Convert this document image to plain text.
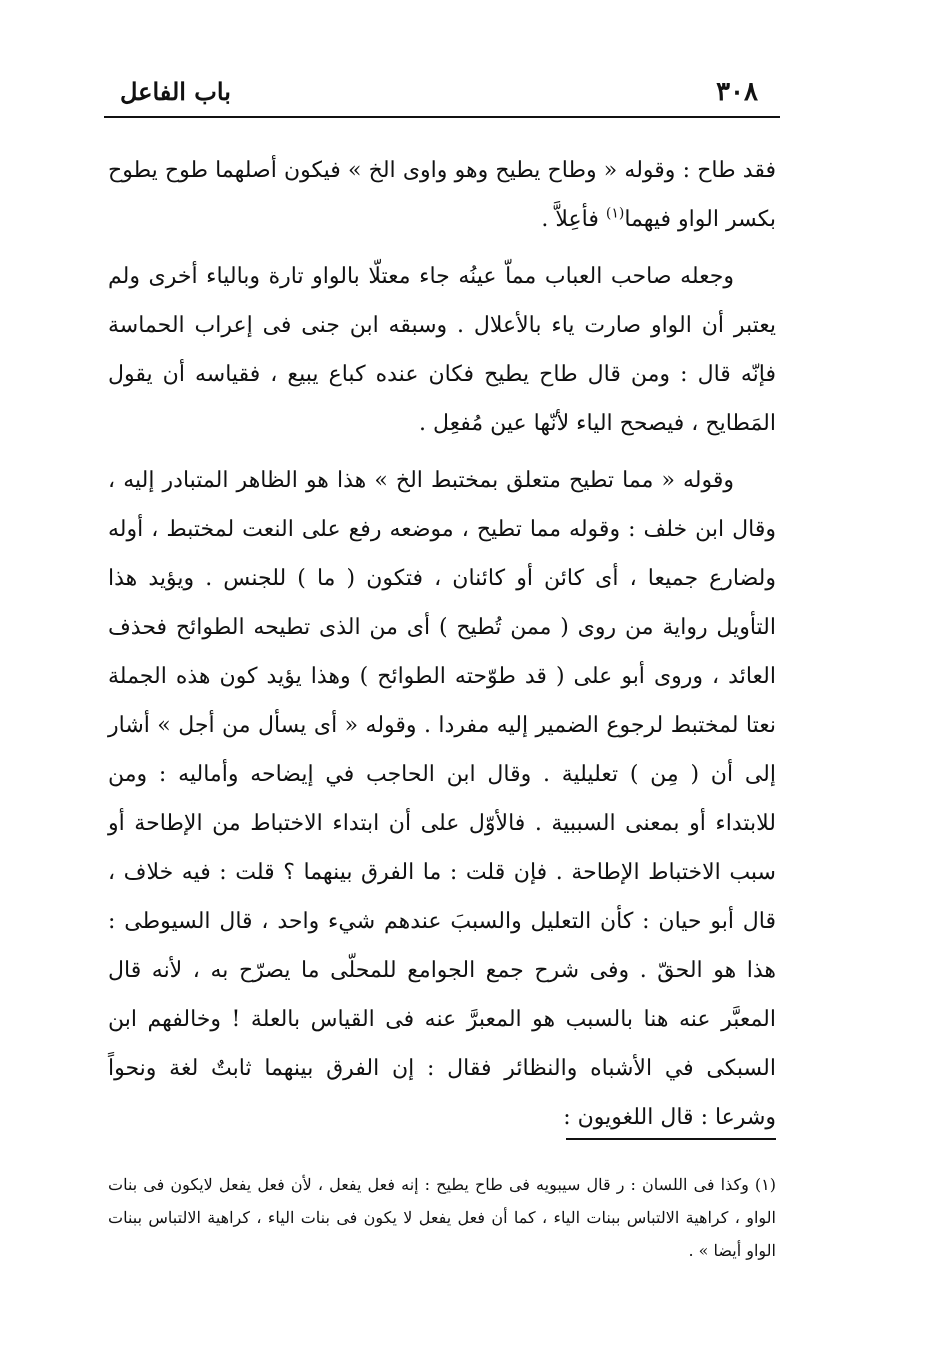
٣٠٨
باب الفاعل

فقد طاح : وقوله « وطاح يطيح وهو واوى الخ » فيكون أصلهما طوح يطوح بكسر الواو فيهما$^{(١)}$ فأعِلاَّ .

وجعله صاحب العباب مماّ عينُه جاء معتلّا بالواو تارة وبالياء أخرى ولم يعتبر أن الواو صارت ياء بالأعلال . وسبقه ابن جنى فى إعراب الحماسة فإنّه قال : ومن قال طاح يطيح فكان عنده كباع يبيع ، فقياسه أن يقول المَطايح ، فيصحح الياء لأنّها عين مُفعِل .

وقوله « مما تطيح متعلق بمختبط الخ » هذا هو الظاهر المتبادر إليه ، وقال ابن خلف : وقوله مما تطيح ، موضعه رفع على النعت لمختبط ، أوله ولضارع جميعا ، أى كائن أو كائنان ، فتكون ( ما ) للجنس . ويؤيد هذا التأويل رواية من روى ( ممن تُطيح ) أى من الذى تطيحه الطوائح فحذف العائد ، وروى أبو على ( قد طوّحته الطوائح ) وهذا يؤيد كون هذه الجملة نعتا لمختبط لرجوع الضمير إليه مفردا . وقوله « أى يسأل من أجل » أشار إلى أن ( مِن ) تعليلية . وقال ابن الحاجب في إيضاحه وأماليه : ومن للابتداء أو بمعنى السببية . فالأوّل على أن ابتداء الاختباط من الإطاحة أو سبب الاختباط الإطاحة . فإن قلت : ما الفرق بينهما ؟ قلت : فيه خلاف ، قال أبو حيان : كأن التعليل والسببَ عندهم شيء واحد ، قال السيوطى : هذا هو الحقّ . وفى شرح جمع الجوامع للمحلّى ما يصرّح به ، لأنه قال المعبَّر عنه هنا بالسبب هو المعبرَّ عنه فى القياس بالعلة ! وخالفهم ابن السبكى في الأشباه والنظائر فقال : إن الفرق بينهما ثابتٌ لغة ونحواً وشرعا : قال اللغويون :

(١) وكذا فى اللسان : ر قال سيبويه فى طاح يطيح : إنه فعل يفعل ، لأن فعل يفعل لايكون فى بنات الواو ، كراهية الالتباس ببنات الياء ، كما أن فعل يفعل لا يكون فى بنات الياء ، كراهية الالتباس ببنات الواو أيضا » .
